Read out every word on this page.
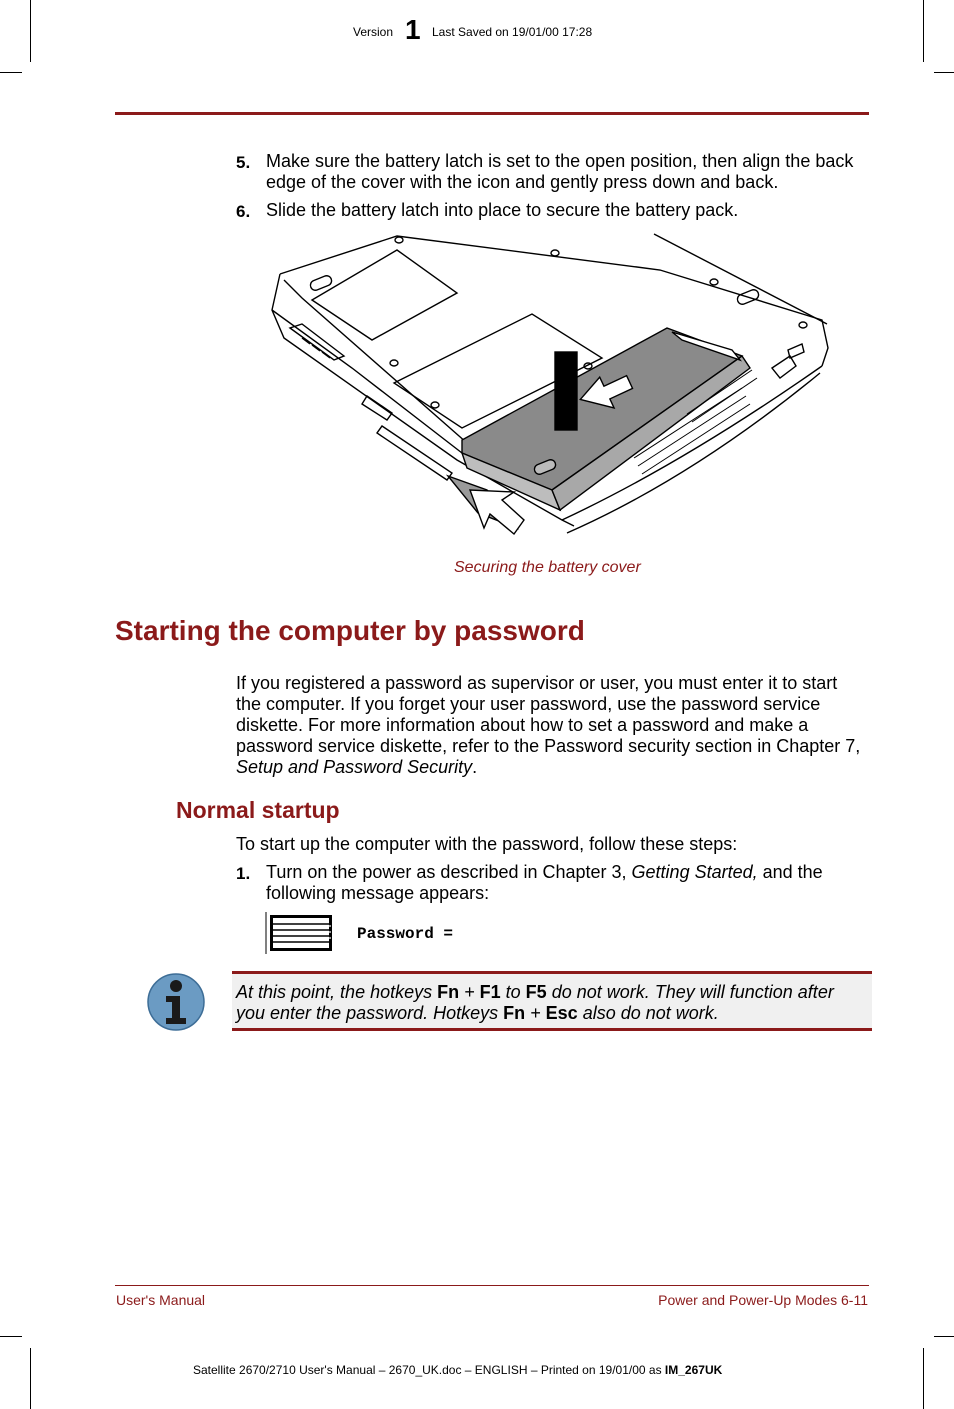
Version 1 Last Saved on 19/01/00 17:28
5. Make sure the battery latch is set to the open position, then align the back edge of the cover with the icon and gently press down and back.
6. Slide the battery latch into place to secure the battery pack.
Securing the battery cover
Starting the computer by password
If you registered a password as supervisor or user, you must enter it to start the computer. If you forget your user password, use the password service diskette. For more information about how to set a password and make a password service diskette, refer to the Password security section in Chapter 7, Setup and Password Security.
Normal startup
To start up the computer with the password, follow these steps:
1. Turn on the power as described in Chapter 3, Getting Started, and the following message appears:
Password =
At this point, the hotkeys Fn + F1 to F5 do not work. They will function after you enter the password. Hotkeys Fn + Esc also do not work.
User's Manual	Power and Power-Up Modes 6-11
Satellite 2670/2710 User's Manual – 2670_UK.doc – ENGLISH – Printed on 19/01/00 as IM_267UK
